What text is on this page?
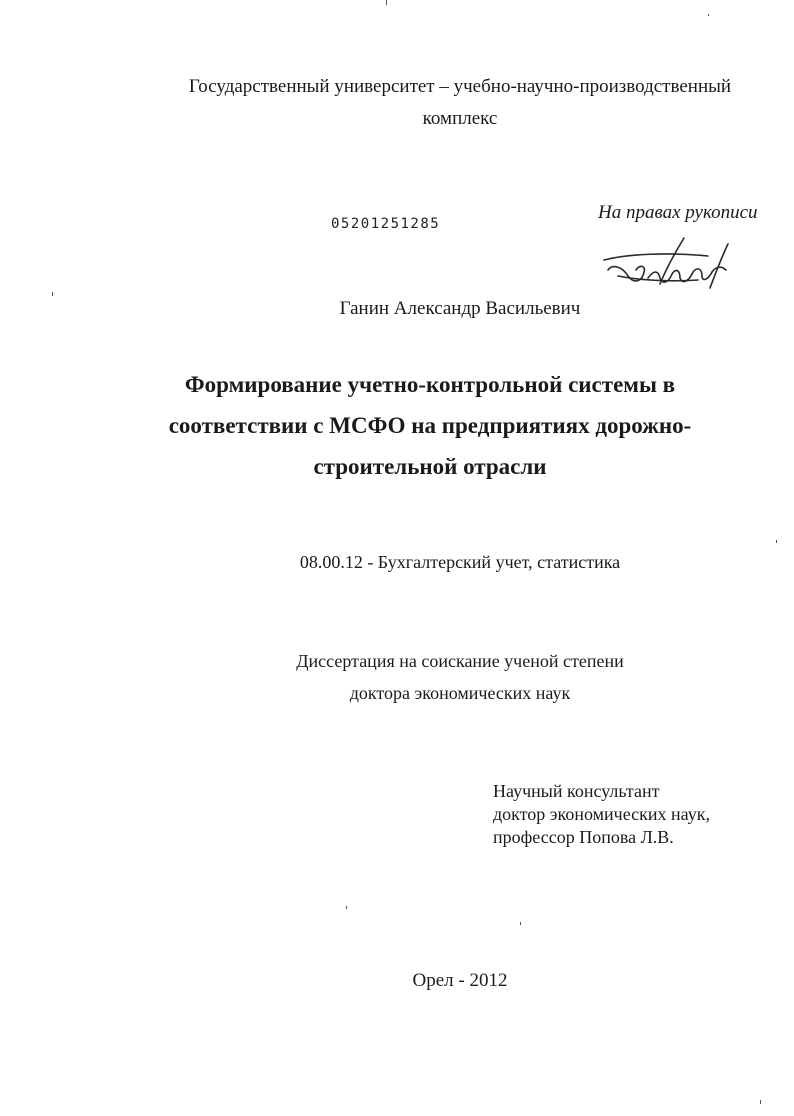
Государственный университет – учебно-научно-производственный
комплекс
05201251285
На правах рукописи
Ганин Александр Васильевич
Формирование учетно-контрольной системы в
соответствии с МСФО на предприятиях дорожно-
строительной отрасли
08.00.12 - Бухгалтерский учет, статистика
Диссертация на соискание ученой степени
доктора экономических наук
Научный консультант
доктор экономических наук,
профессор Попова Л.В.
Орел - 2012
